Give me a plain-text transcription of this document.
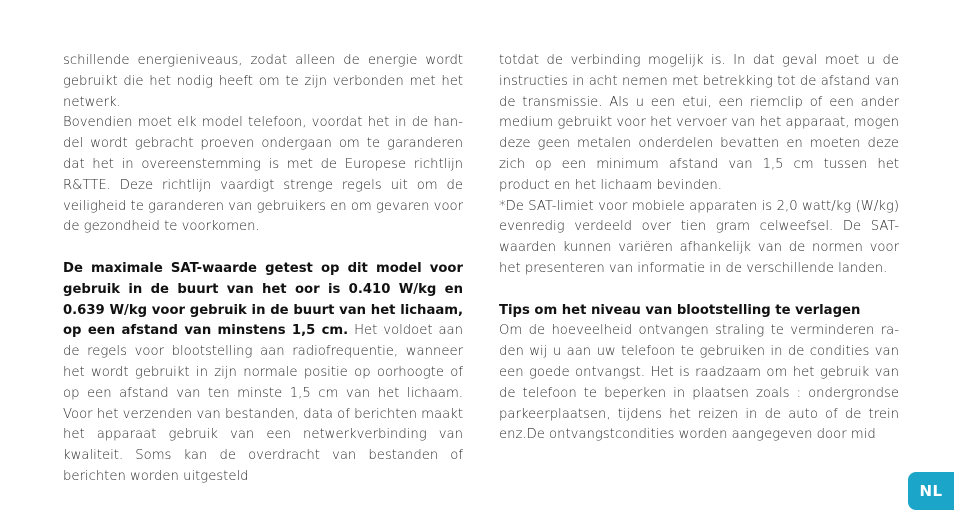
schillende energieniveaus, zodat alleen de energie wordt gebruikt die het nodig heeft om te zijn verbonden met het netwerk.

Bovendien moet elk model telefoon, voordat het in de handel wordt gebracht proeven ondergaan om te garanderen dat het in overeenstemming is met de Europese richtlijn R&TTE. Deze richtlijn vaardigt strenge regels uit om de veiligheid te garanderen van gebruikers en om gevaren voor de gezondheid te voorkomen.

De maximale SAT-waarde getest op dit model voor gebruik in de buurt van het oor is 0.410 W/kg en 0.639 W/kg voor gebruik in de buurt van het lichaam, op een afstand van minstens 1,5 cm. Het voldoet aan de regels voor blootstelling aan radiofrequentie, wanneer het wordt gebruikt in zijn normale positie op oorhoogte of op een afstand van ten minste 1,5 cm van het lichaam. Voor het verzenden van bestanden, data of berichten maakt het apparaat gebruik van een netwerkverbinding van kwaliteit. Soms kan de overdracht van bestanden of berichten worden uitgesteld

totdat de verbinding mogelijk is. In dat geval moet u de instructies in acht nemen met betrekking tot de afstand van de transmissie. Als u een etui, een riemclip of een ander medium gebruikt voor het vervoer van het apparaat, mogen deze geen metalen onderdelen bevatten en moeten deze zich op een minimum afstand van 1,5 cm tussen het product en het lichaam bevinden.

*De SAT-limiet voor mobiele apparaten is 2,0 watt/kg (W/kg) evenredig verdeeld over tien gram celweefsel. De SAT-waarden kunnen variëren afhankelijk van de normen voor het presenteren van informatie in de verschillende landen.

Tips om het niveau van blootstelling te verlagen

Om de hoeveelheid ontvangen straling te verminderen raden wij u aan uw telefoon te gebruiken in de condities van een goede ontvangst. Het is raadzaam om het gebruik van de telefoon te beperken in plaatsen zoals : ondergrondse parkeerplaatsen, tijdens het reizen in de auto of de trein enz.De ontvangstcondities worden aangegeven door mid

NL
